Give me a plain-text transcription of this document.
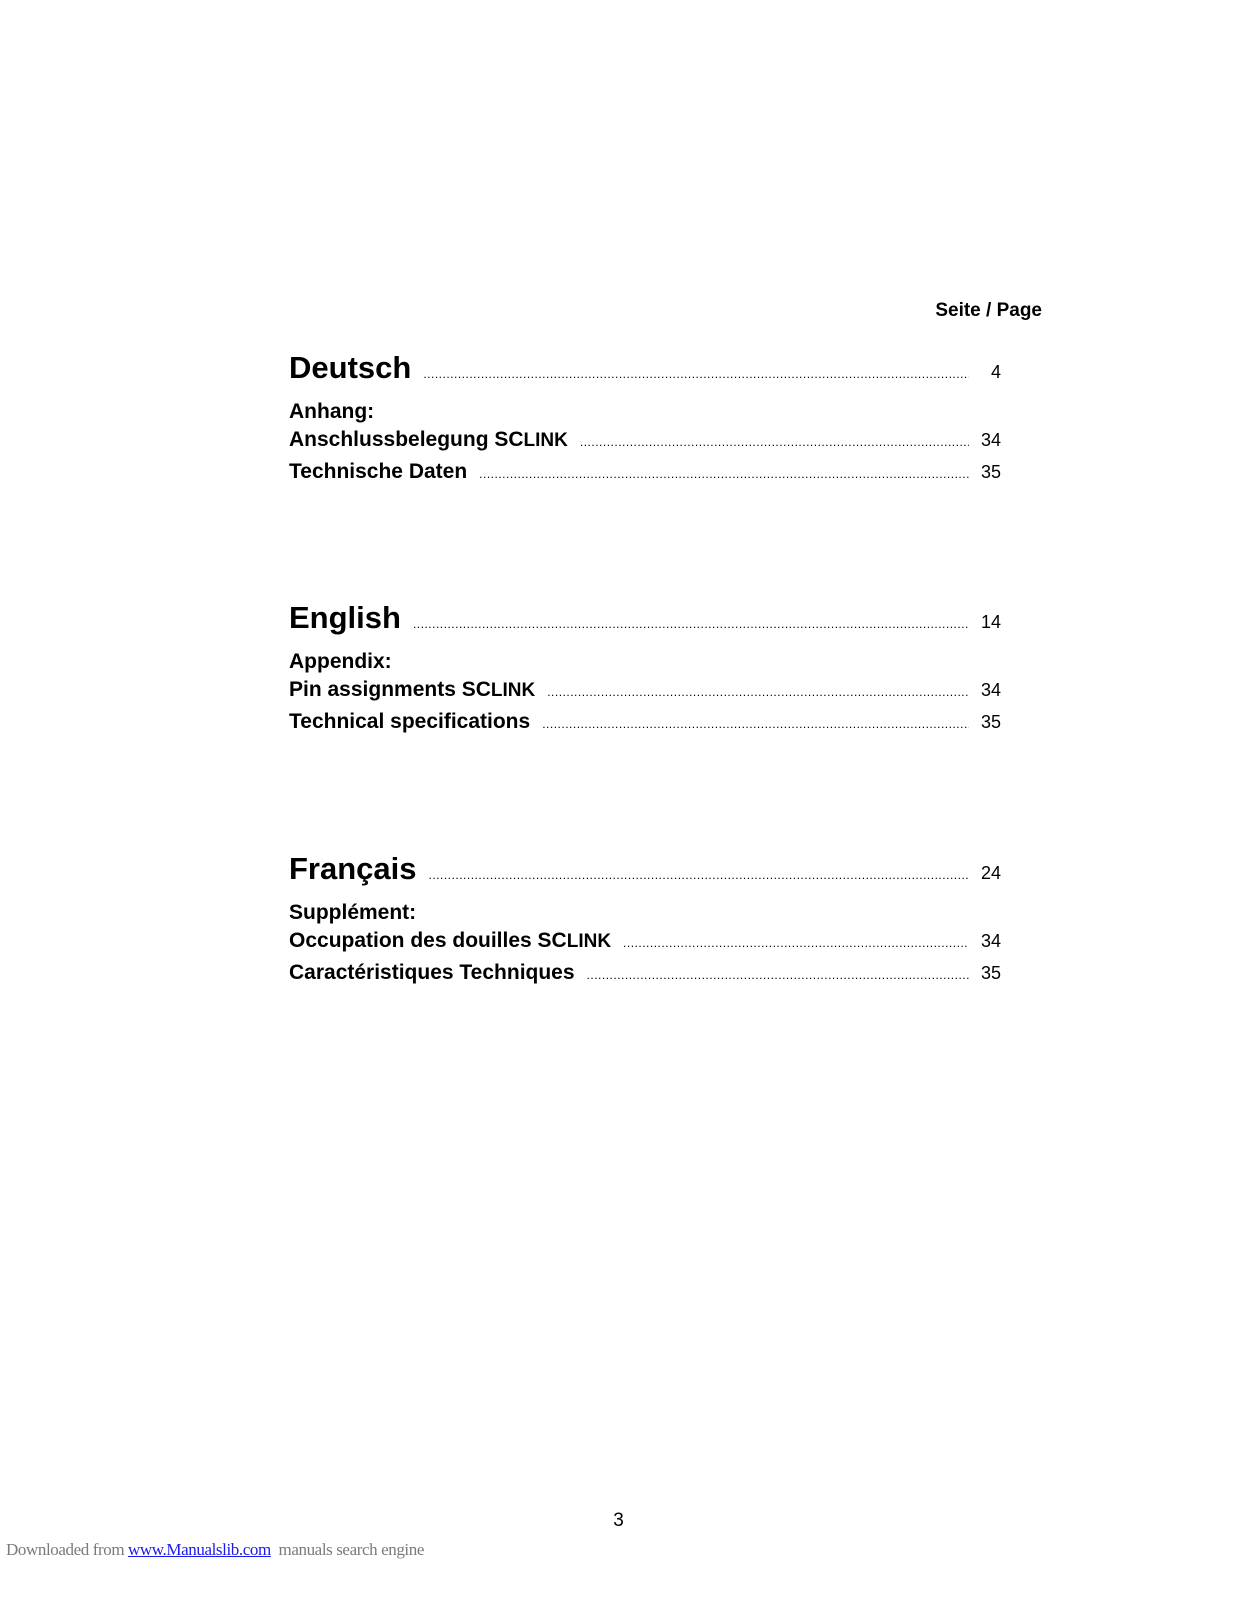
Seite / Page
Deutsch .....	4
Anhang:
Anschlussbelegung SCLINK .....	34
Technische Daten .....	35
English .....	14
Appendix:
Pin assignments SCLINK .....	34
Technical specifications .....	35
Français .....	24
Supplément:
Occupation des douilles SCLINK .....	34
Caractéristiques Techniques .....	35
3
Downloaded from www.Manualslib.com  manuals search engine
